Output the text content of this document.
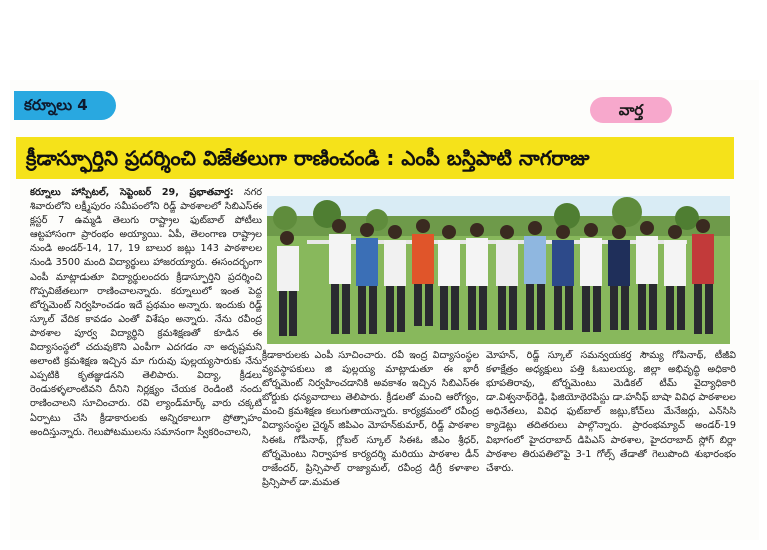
కర్నూలు 4	వార్త
క్రీడాస్ఫూర్తిని ప్రదర్శించి విజేతలుగా రాణించండి : ఎంపీ బస్తిపాటి నాగరాజు

కర్నూలు హాస్పిటల్, సెప్టెంబర్ 29, ప్రభాతవార్త: నగర శివారులోని లక్ష్మీపురం సమీపంలోని రిడ్జ్ పాఠశాలలో సిబిఎస్ఈ క్లస్టర్ 7 ఉమ్మడి తెలుగు రాష్ట్రాల ఫుట్‌బాల్ పోటీలు ఆట్టహాసంగా ప్రారంభం అయ్యాయి. ఏపీ, తెలంగాణ రాష్ట్రాల నుండి అండర్-14, 17, 19 బాలుర జట్లు 143 పాఠశాలల నుండి 3500 మంది విద్యార్థులు హాజరయ్యారు. ఈసందర్భంగా ఎంపీ మాట్లాడుతూ విద్యార్థులందరు క్రీడాస్ఫూర్తిని ప్రదర్శించి గొప్పవిజేతలుగా రాణించాలన్నారు. కర్నూలులో ఇంత పెద్ద టోర్నమెంట్ నిర్వహించడం ఇదే ప్రథమం అన్నారు. ఇందుకు రిడ్జ్ స్కూల్ వేదిక కావడం ఎంతో విశేషం అన్నారు. నేను రవీంద్ర పాఠశాల పూర్వ విద్యార్థిని క్రమశిక్షణతో కూడిన ఈ విద్యాసంస్థలో చదువుకొని ఎంపీగా ఎదగడం నా అదృష్టమని అలాంటి క్రమశిక్షణ ఇచ్చిన మా గురువు పుల్లయ్యసారుకు నేను ఎప్పటికి కృతజ్ఞుడనని తెలిపారు. విద్యా, క్రీడలు రెండుకళ్ళలాంటివని దీనిని నిర్లక్ష్యం చేయక రెండింటి నందు రాణించాలని సూచించారు. రవి ల్యాండ్‌మార్క్ వారు చక్కటి ఏర్పాటు చేసి క్రీడాకారులకు అన్నిరకాలుగా ప్రోత్సాహం అందిస్తున్నారు. గెలుపోటములను సమానంగా స్వీకరించాలని,

క్రీడాకారులకు ఎంపీ సూచించారు. రవీ ఇంద్ర విద్యాసంస్థల వ్యవస్థాపకులు జి పుల్లయ్య మాట్లాడుతూ ఈ భారీ టోర్నమెంట్ నిర్వహించడానికి అవకాశం ఇచ్చిన సిబిఎస్ఈ బోర్డుకు ధన్యవాదాలు తెలిపారు. క్రీడలతో మంచి ఆరోగ్యం, మంచి క్రమశిక్షణ కలుగుతాయన్నారు. కార్యక్రమంలో రవీంద్ర విద్యాసంస్థల చైర్మన్ జిపిఎం మోహన్‌కుమార్, రిడ్జ్ పాఠశాల సిఈఓ గోపీనాథ్, గ్లోబల్ స్కూల్ సిఈఓ జీఎం శ్రీధర్, టోర్నమెంటు నిర్వాహక కార్యదర్శి మరియు పాఠశాల డీన్ రాజేందర్, ప్రిన్సిపాల్ రాజ్యామల్, రవీంద్ర డిగ్రీ కళాశాల ప్రిన్సిపాల్ డా.మమత

మోహన్, రిడ్జ్ స్కూల్ సమన్వయకర్త సౌమ్య గోపినాథ్, టీజీవి కళాక్షేత్రం అధ్యక్షులు పత్తి ఓబులయ్య, జిల్లా అభివృద్ధి అధికారి భూపతిరావు, టోర్నమెంటు మెడికల్ టీమ్ వైద్యాధికారి డా.విశ్వనాథ్‌రెడ్డి, ఫిజియోథెరపిస్టు డా.హనీఫ్ బాషా వివిధ పాఠశాలల అధినేతలు, వివిధ ఫుట్‌బాల్ జట్లు,కోచ్‌లు మేనేజర్లు, ఎన్‌సిసి క్యాడెట్లు తదితరులు పాల్గొన్నారు. ప్రారంభమ్యాచ్ అండర్-19 విభాగంలో హైదరాబాద్ డిపిఎస్ పాఠశాల, హైదరాబాద్ స్లోగ్ బిర్లా పాఠశాల తిరుపతిలొపై 3-1 గోల్స్ తేడాతో గెలుపొంది శుభారంభం చేశారు.
